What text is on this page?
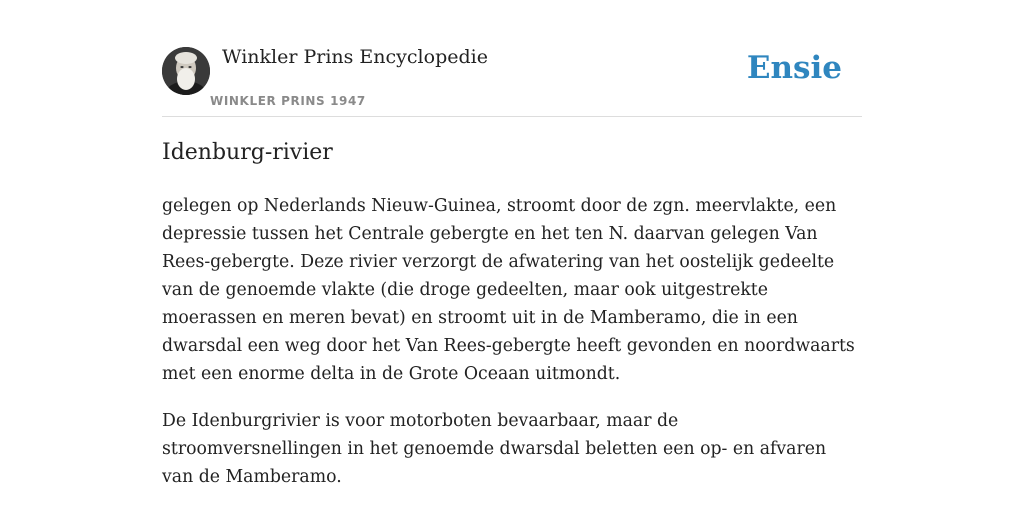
Winkler Prins Encyclopedie
WINKLER PRINS 1947
Ensie
Idenburg-rivier

gelegen op Nederlands Nieuw-Guinea, stroomt door de zgn. meervlakte, een depressie tussen het Centrale gebergte en het ten N. daarvan gelegen Van Rees-gebergte. Deze rivier verzorgt de afwatering van het oostelijk gedeelte van de genoemde vlakte (die droge gedeelten, maar ook uitgestrekte moerassen en meren bevat) en stroomt uit in de Mamberamo, die in een dwarsdal een weg door het Van Rees-gebergte heeft gevonden en noordwaarts met een enorme delta in de Grote Oceaan uitmondt.

De Idenburgrivier is voor motorboten bevaarbaar, maar de stroomversnellingen in het genoemde dwarsdal beletten een op- en afvaren van de Mamberamo.
